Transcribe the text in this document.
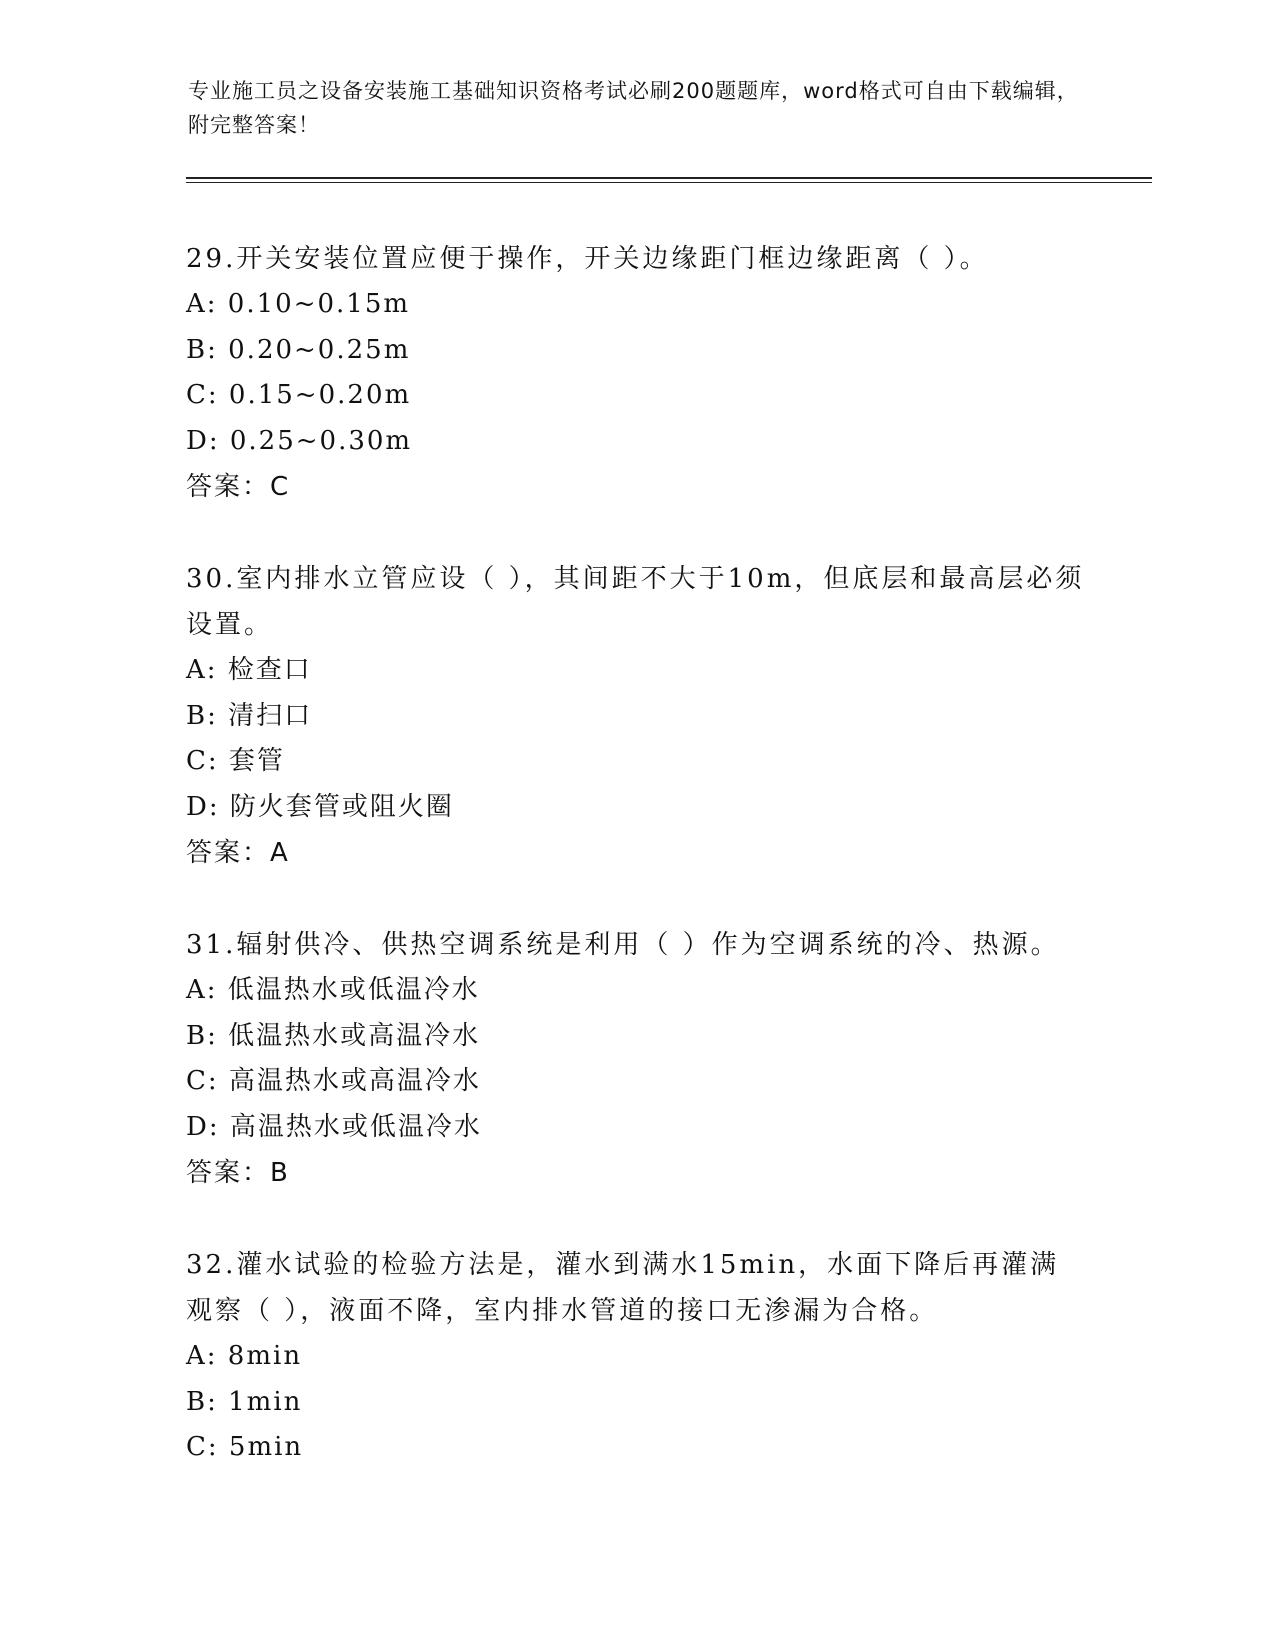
专业施工员之设备安装施工基础知识资格考试必刷200题题库，word格式可自由下载编辑，附完整答案！
29.开关安装位置应便于操作，开关边缘距门框边缘距离（ ）。
A: 0.10~0.15m
B: 0.20~0.25m
C: 0.15~0.20m
D: 0.25~0.30m
答案：C
30.室内排水立管应设（ ），其间距不大于10m，但底层和最高层必须设置。
A: 检查口
B: 清扫口
C: 套管
D: 防火套管或阻火圈
答案：A
31.辐射供冷、供热空调系统是利用（ ）作为空调系统的冷、热源。
A: 低温热水或低温冷水
B: 低温热水或高温冷水
C: 高温热水或高温冷水
D: 高温热水或低温冷水
答案：B
32.灌水试验的检验方法是，灌水到满水15min，水面下降后再灌满观察（ ），液面不降，室内排水管道的接口无渗漏为合格。
A: 8min
B: 1min
C: 5min
